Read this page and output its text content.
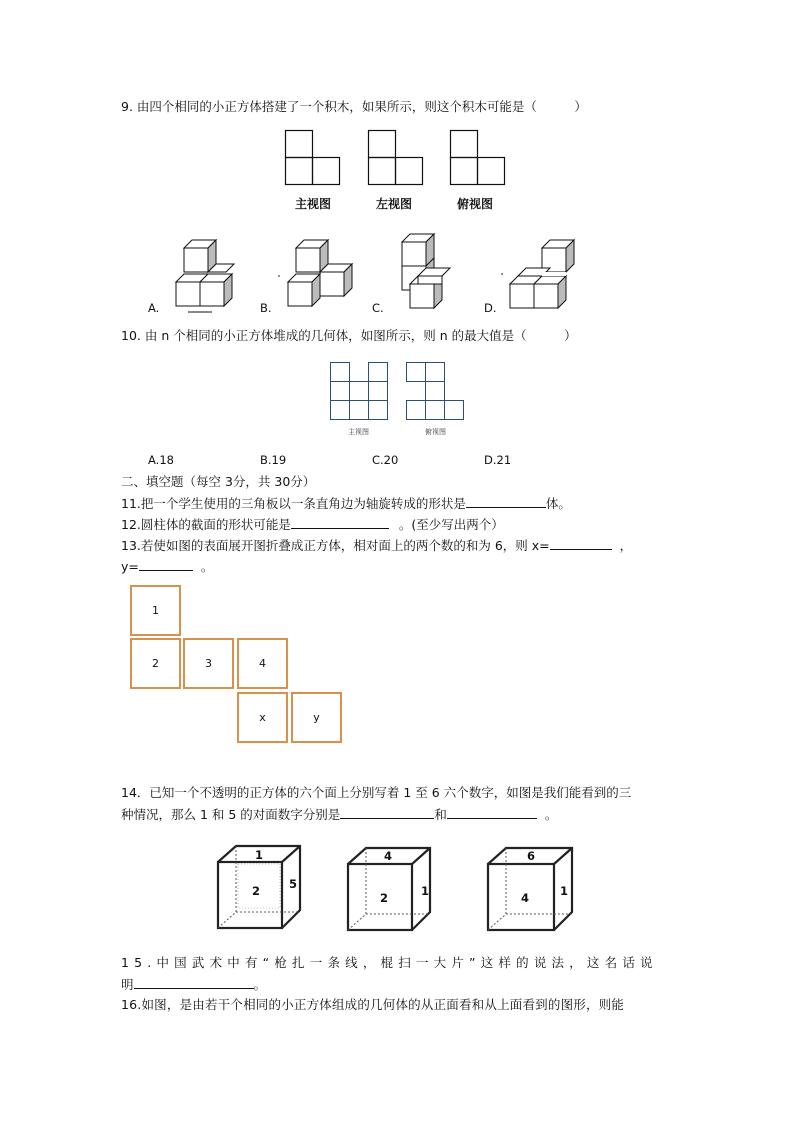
9. 由四个相同的小正方体搭建了一个积木，如果所示，则这个积木可能是（　　　）
主视图	左视图	俯视图
A.	B.	C.	D.
10. 由 n 个相同的小正方体堆成的几何体，如图所示，则 n 的最大值是（　　　）
主视图	俯视图
A.18	B.19	C.20	D.21
二、填空题（每空 3分，共 30分）
11.把一个学生使用的三角板以一条直角边为轴旋转成的形状是	体。
12.圆柱体的截面的形状可能是	。(至少写出两个）
13.若使如图的表面展开图折叠成正方体，相对面上的两个数的和为 6，则 x=	，
y=	。
1
2	3	4
x	y
14．已知一个不透明的正方体的六个面上分别写着 1 至 6 六个数字，如图是我们能看到的三
种情况，那么 1 和 5 的对面数字分别是	和	。
1
2	5
4
2	1
6
4	1
15.中国武术中有“枪扎一条线，棍扫一大片”这样的说法，这名话说
明	。
16.如图，是由若干个相同的小正方体组成的几何体的从正面看和从上面看到的图形，则能
